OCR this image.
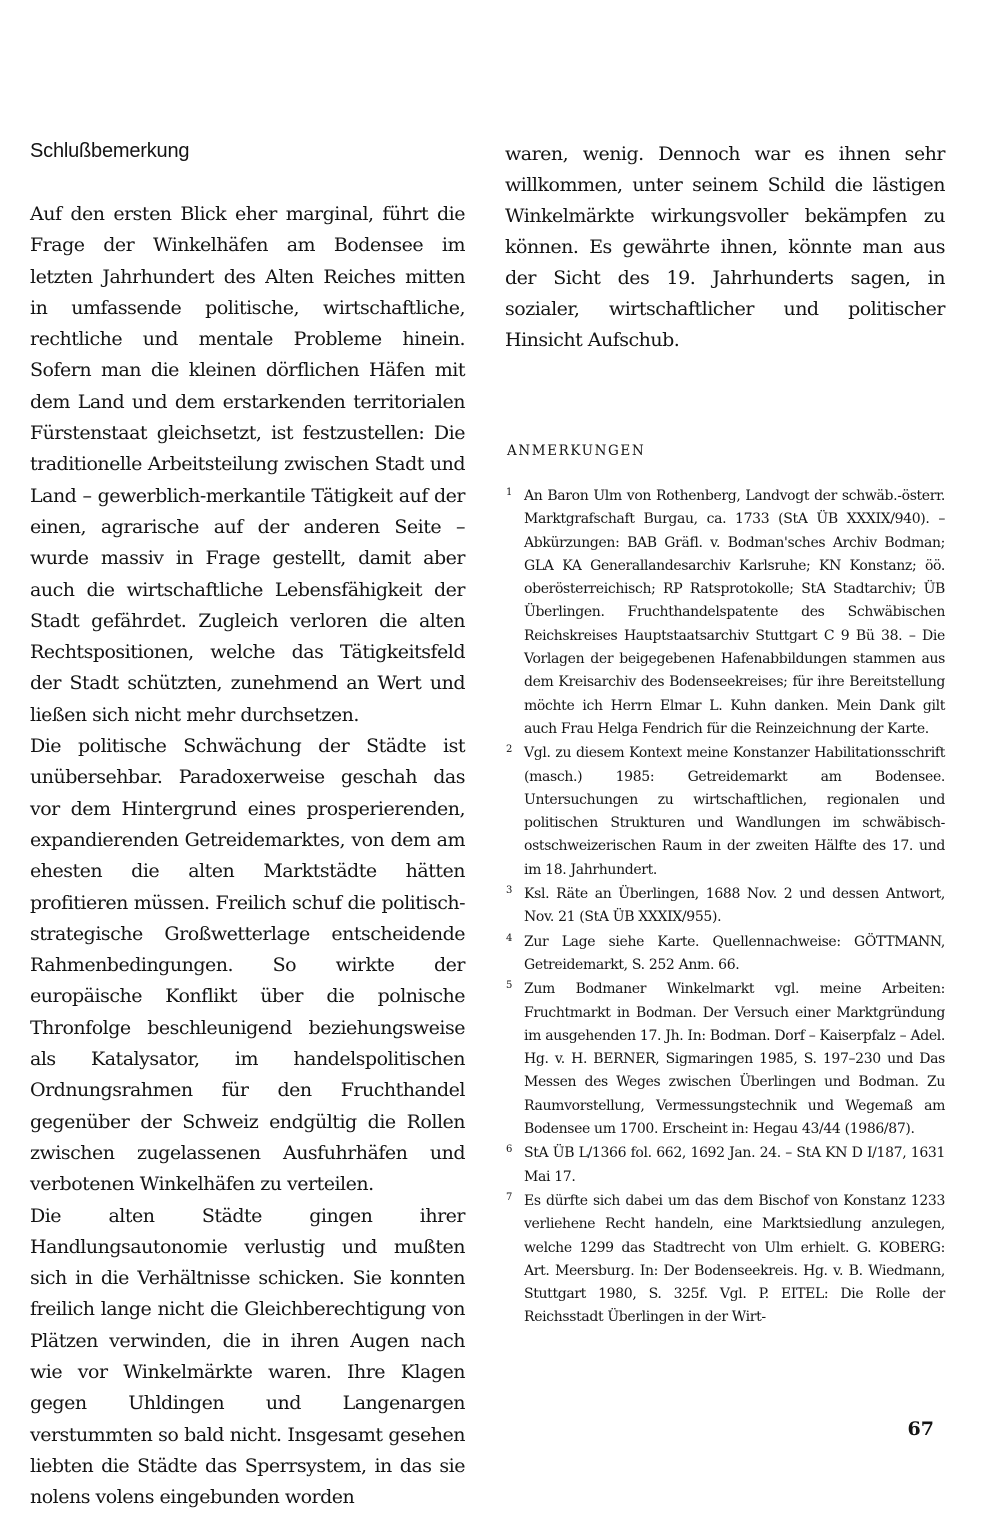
Schlußbemerkung

Auf den ersten Blick eher marginal, führt die Frage der Winkelhäfen am Bodensee im letzten Jahrhundert des Alten Reiches mitten in umfassende politische, wirtschaftliche, rechtliche und mentale Probleme hinein. Sofern man die kleinen dörflichen Häfen mit dem Land und dem erstarkenden territorialen Fürstenstaat gleichsetzt, ist festzustellen: Die traditionelle Arbeitsteilung zwischen Stadt und Land – gewerblich-merkantile Tätigkeit auf der einen, agrarische auf der anderen Seite – wurde massiv in Frage gestellt, damit aber auch die wirtschaftliche Lebensfähigkeit der Stadt gefährdet. Zugleich verloren die alten Rechtspositionen, welche das Tätigkeitsfeld der Stadt schützten, zunehmend an Wert und ließen sich nicht mehr durchsetzen.

Die politische Schwächung der Städte ist unübersehbar. Paradoxerweise geschah das vor dem Hintergrund eines prosperierenden, expandierenden Getreidemarktes, von dem am ehesten die alten Marktstädte hätten profitieren müssen. Freilich schuf die politisch-strategische Großwetterlage entscheidende Rahmenbedingungen. So wirkte der europäische Konflikt über die polnische Thronfolge beschleunigend beziehungsweise als Katalysator, im handelspolitischen Ordnungsrahmen für den Fruchthandel gegenüber der Schweiz endgültig die Rollen zwischen zugelassenen Ausfuhrhäfen und verbotenen Winkelhäfen zu verteilen.

Die alten Städte gingen ihrer Handlungsautonomie verlustig und mußten sich in die Verhältnisse schicken. Sie konnten freilich lange nicht die Gleichberechtigung von Plätzen verwinden, die in ihren Augen nach wie vor Winkelmärkte waren. Ihre Klagen gegen Uhldingen und Langenargen verstummten so bald nicht. Insgesamt gesehen liebten die Städte das Sperrsystem, in das sie nolens volens eingebunden worden

waren, wenig. Dennoch war es ihnen sehr willkommen, unter seinem Schild die lästigen Winkelmärkte wirkungsvoller bekämpfen zu können. Es gewährte ihnen, könnte man aus der Sicht des 19. Jahrhunderts sagen, in sozialer, wirtschaftlicher und politischer Hinsicht Aufschub.

ANMERKUNGEN
1 An Baron Ulm von Rothenberg, Landvogt der schwäb.-österr. Marktgrafschaft Burgau, ca. 1733 (StA ÜB XXXIX/940). – Abkürzungen: BAB Gräfl. v. Bodman'sches Archiv Bodman; GLA KA Generallandesarchiv Karlsruhe; KN Konstanz; öö. oberösterreichisch; RP Ratsprotokolle; StA Stadtarchiv; ÜB Überlingen. Fruchthandelspatente des Schwäbischen Reichskreises Hauptstaatsarchiv Stuttgart C 9 Bü 38. – Die Vorlagen der beigegebenen Hafenabbildungen stammen aus dem Kreisarchiv des Bodenseekreises; für ihre Bereitstellung möchte ich Herrn Elmar L. Kuhn danken. Mein Dank gilt auch Frau Helga Fendrich für die Reinzeichnung der Karte.
2 Vgl. zu diesem Kontext meine Konstanzer Habilitationsschrift (masch.) 1985: Getreidemarkt am Bodensee. Untersuchungen zu wirtschaftlichen, regionalen und politischen Strukturen und Wandlungen im schwäbisch-ostschweizerischen Raum in der zweiten Hälfte des 17. und im 18. Jahrhundert.
3 Ksl. Räte an Überlingen, 1688 Nov. 2 und dessen Antwort, Nov. 21 (StA ÜB XXXIX/955).
4 Zur Lage siehe Karte. Quellennachweise: GÖTTMANN, Getreidemarkt, S. 252 Anm. 66.
5 Zum Bodmaner Winkelmarkt vgl. meine Arbeiten: Fruchtmarkt in Bodman. Der Versuch einer Marktgründung im ausgehenden 17. Jh. In: Bodman. Dorf – Kaiserpfalz – Adel. Hg. v. H. BERNER, Sigmaringen 1985, S. 197–230 und Das Messen des Weges zwischen Überlingen und Bodman. Zu Raumvorstellung, Vermessungstechnik und Wegemaß am Bodensee um 1700. Erscheint in: Hegau 43/44 (1986/87).
6 StA ÜB L/1366 fol. 662, 1692 Jan. 24. – StA KN D I/187, 1631 Mai 17.
7 Es dürfte sich dabei um das dem Bischof von Konstanz 1233 verliehene Recht handeln, eine Marktsiedlung anzulegen, welche 1299 das Stadtrecht von Ulm erhielt. G. KOBERG: Art. Meersburg. In: Der Bodenseekreis. Hg. v. B. Wiedmann, Stuttgart 1980, S. 325f. Vgl. P. EITEL: Die Rolle der Reichsstadt Überlingen in der Wirt-
67
